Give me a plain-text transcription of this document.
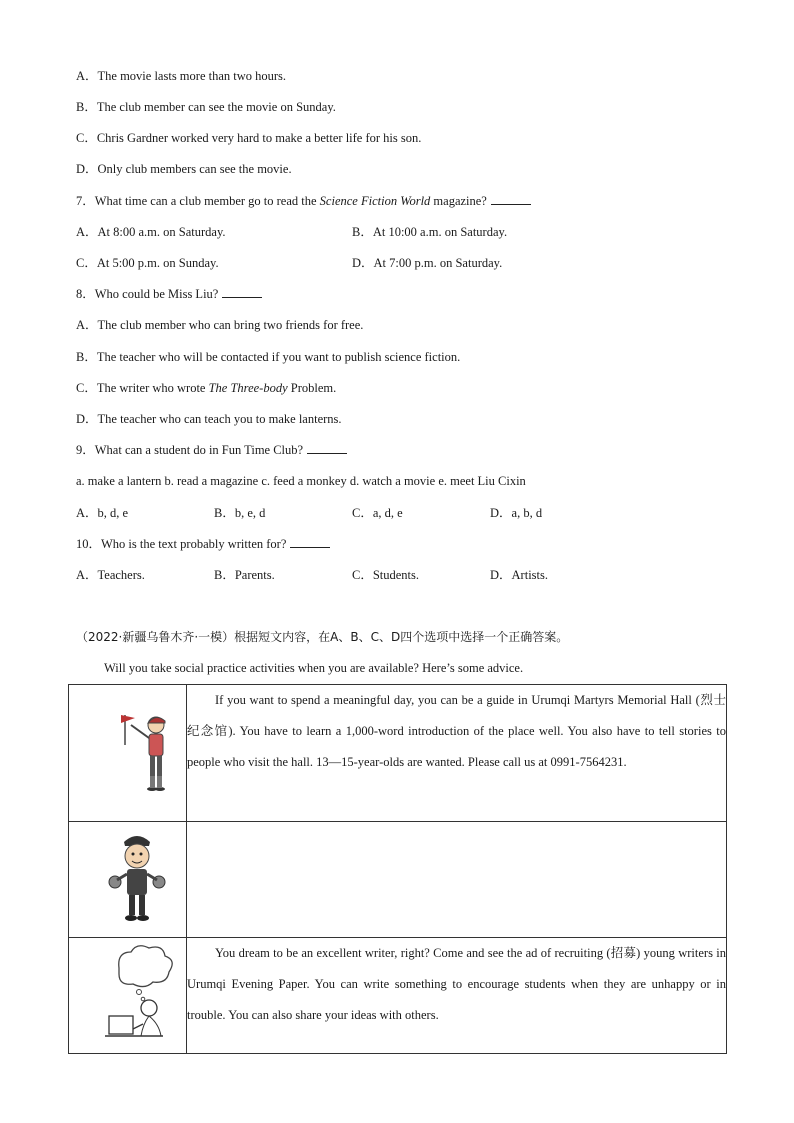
A．The movie lasts more than two hours.
B．The club member can see the movie on Sunday.
C．Chris Gardner worked very hard to make a better life for his son.
D．Only club members can see the movie.
7．What time can a club member go to read the Science Fiction World magazine?
A．At 8:00 a.m. on Saturday.	B．At 10:00 a.m. on Saturday.
C．At 5:00 p.m. on Sunday.	D．At 7:00 p.m. on Saturday.
8．Who could be Miss Liu?
A．The club member who can bring two friends for free.
B．The teacher who will be contacted if you want to publish science fiction.
C．The writer who wrote The Three-body Problem.
D．The teacher who can teach you to make lanterns.
9．What can a student do in Fun Time Club?
a. make a lantern b. read a magazine c. feed a monkey d. watch a movie e. meet Liu Cixin
A．b, d, e	B．b, e, d	C．a, d, e	D．a, b, d
10．Who is the text probably written for?
A．Teachers.	B．Parents.	C．Students.	D．Artists.
（2022·新疆乌鲁木齐·一模）根据短文内容，在A、B、C、D四个选项中选择一个正确答案。
Will you take social practice activities when you are available? Here’s some advice.
	If you want to spend a meaningful day, you can be a guide in Urumqi Martyrs Memorial Hall (烈士纪念馆). You have to learn a 1,000-word introduction of the place well. You also have to tell stories to people who visit the hall. 13—15-year-olds are wanted. Please call us at 0991-7564231.

	You dream to be an excellent writer, right? Come and see the ad of recruiting (招募) young writers in Urumqi Evening Paper. You can write something to encourage students when they are unhappy or in trouble. You can also share your ideas with others.
